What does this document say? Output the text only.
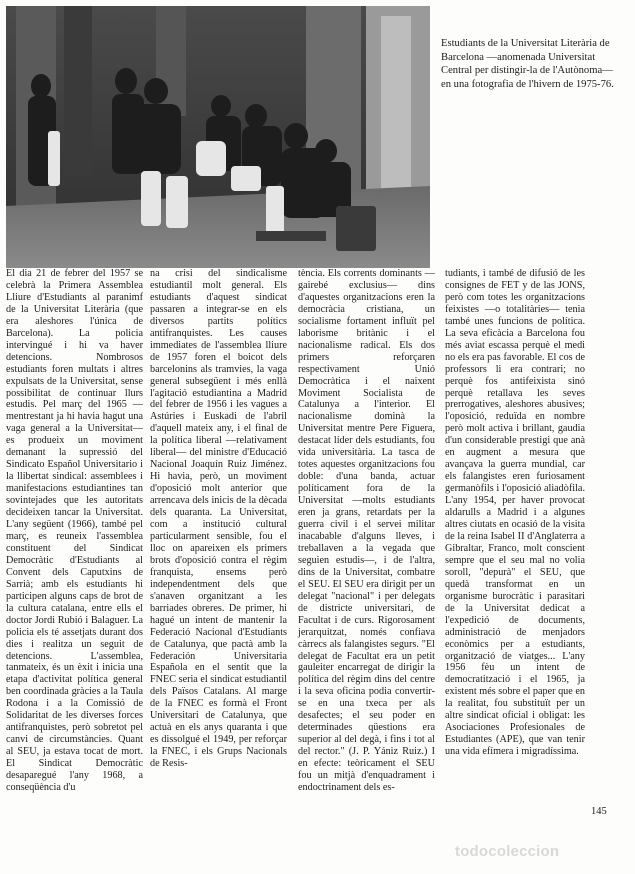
Estudiants de la Universitat Literària de Barcelona —anomenada Universitat Central per distingir-la de l'Autònoma— en una fotografia de l'hivern de 1975-76.

El dia 21 de febrer del 1957 se celebrà la Primera Assemblea Lliure d'Estudiants al paranimf de la Universitat Literària (que era aleshores l'única de Barcelona). La policia intervingué i hi va haver detencions. Nombrosos estudiants foren multats i altres expulsats de la Universitat, sense possibilitat de continuar llurs estudis. Pel març del 1965 —mentrestant ja hi havia hagut una vaga general a la Universitat— es produeix un moviment demanant la supressió del Sindicato Español Universitario i la llibertat sindical: assemblees i manifestacions estudiantines tan sovintejades que les autoritats decideixen tancar la Universitat. L'any següent (1966), també pel març, es reuneix l'assemblea constituent del Sindicat Democràtic d'Estudiants al Convent dels Caputxins de Sarrià; amb els estudiants hi participen alguns caps de brot de la cultura catalana, entre ells el doctor Jordi Rubió i Balaguer. La policia els té assetjats durant dos dies i realitza un seguit de detencions. L'assemblea, tanmateix, és un èxit i inicia una etapa d'activitat política general ben coordinada gràcies a la Taula Rodona i a la Comissió de Solidaritat de les diverses forces antifranquistes, però sobretot pel canvi de circumstàncies. Quant al SEU, ja estava tocat de mort. El Sindicat Democràtic desaparegué l'any 1968, a conseqüència d'u

na crisi del sindicalisme estudiantil molt general. Els estudiants d'aquest sindicat passaren a integrar-se en els diversos partits polítics antifranquistes. Les causes immediates de l'assemblea lliure de 1957 foren el boicot dels barcelonins als tramvies, la vaga general subsegüent i més enllà l'agitació estudiantina a Madrid del febrer de 1956 i les vagues a Astúries i Euskadi de l'abril d'aquell mateix any, i el final de la política liberal —relativament liberal— del ministre d'Educació Nacional Joaquín Ruiz Jiménez. Hi havia, però, un moviment d'oposició molt anterior que arrencava dels inicis de la dècada dels quaranta. La Universitat, com a institució cultural particularment sensible, fou el lloc on apareixen els primers brots d'oposició contra el règim franquista, ensems però independentment dels que s'anaven organitzant a les barriades obreres. De primer, hi hagué un intent de mantenir la Federació Nacional d'Estudiants de Catalunya, que pactà amb la Federación Universitaria Española en el sentit que la FNEC seria el sindicat estudiantil dels Països Catalans. Al marge de la FNEC es formà el Front Universitari de Catalunya, que actuà en els anys quaranta i que es dissolgué el 1949, per reforçar la FNEC, i els Grups Nacionals de Resis-

tència. Els corrents dominants —gairebé exclusius— dins d'aquestes organitzacions eren la democràcia cristiana, un socialisme fortament influït pel laborisme britànic i el nacionalisme radical. Els dos primers reforçaren respectivament Unió Democràtica i el naixent Moviment Socialista de Catalunya a l'interior. El nacionalisme dominà la Universitat mentre Pere Figuera, destacat líder dels estudiants, fou vida universitària. La tasca de totes aquestes organitzacions fou doble: d'una banda, actuar políticament fora de la Universitat —molts estudiants eren ja grans, retardats per la guerra civil i el servei militar inacabable d'alguns lleves, i treballaven a la vegada que seguien estudis—, i de l'altra, dins de la Universitat, combatre el SEU. El SEU era dirigit per un delegat "nacional" i per delegats de districte universitari, de Facultat i de curs. Rigorosament jerarquitzat, només confiava càrrecs als falangistes segurs. "El delegat de Facultat era un petit gauleiter encarregat de dirigir la política del règim dins del centre i la seva oficina podia convertir-se en una txeca per als desafectes; el seu poder en determinades qüestions era superior al del degà, i fins i tot al del rector." (J. P. Yániz Ruiz.) I en efecte: teòricament el SEU fou un mitjà d'enquadrament i endoctrinament dels es-

tudiants, i també de difusió de les consignes de FET y de las JONS, però com totes les organitzacions feixistes —o totalitàries— tenia també unes funcions de política. La seva eficàcia a Barcelona fou més aviat escassa perquè el medi no els era pas favorable. El cos de professors li era contrari; no perquè fos antifeixista sinó perquè retallava les seves prerrogatives, aleshores abusives; l'oposició, reduïda en nombre però molt activa i brillant, gaudia d'un considerable prestigi que anà en augment a mesura que avançava la guerra mundial, car els falangistes eren furiosament germanòfils i l'oposició aliadòfila. L'any 1954, per haver provocat aldarulls a Madrid i a algunes altres ciutats en ocasió de la visita de la reina Isabel II d'Anglaterra a Gibraltar, Franco, molt conscient sempre que el seu mal no volia soroll, "depurà" el SEU, que quedà transformat en un organisme burocràtic i parasitari de la Universitat dedicat a l'expedició de documents, administració de menjadors econòmics per a estudiants, organització de viatges... L'any 1956 fèu un intent de democratització i el 1965, ja existent més sobre el paper que en la realitat, fou substituït per un altre sindicat oficial i obligat: les Asociaciones Profesionales de Estudiantes (APE), que van tenir una vida efímera i migradíssima.

145

todocoleccion
